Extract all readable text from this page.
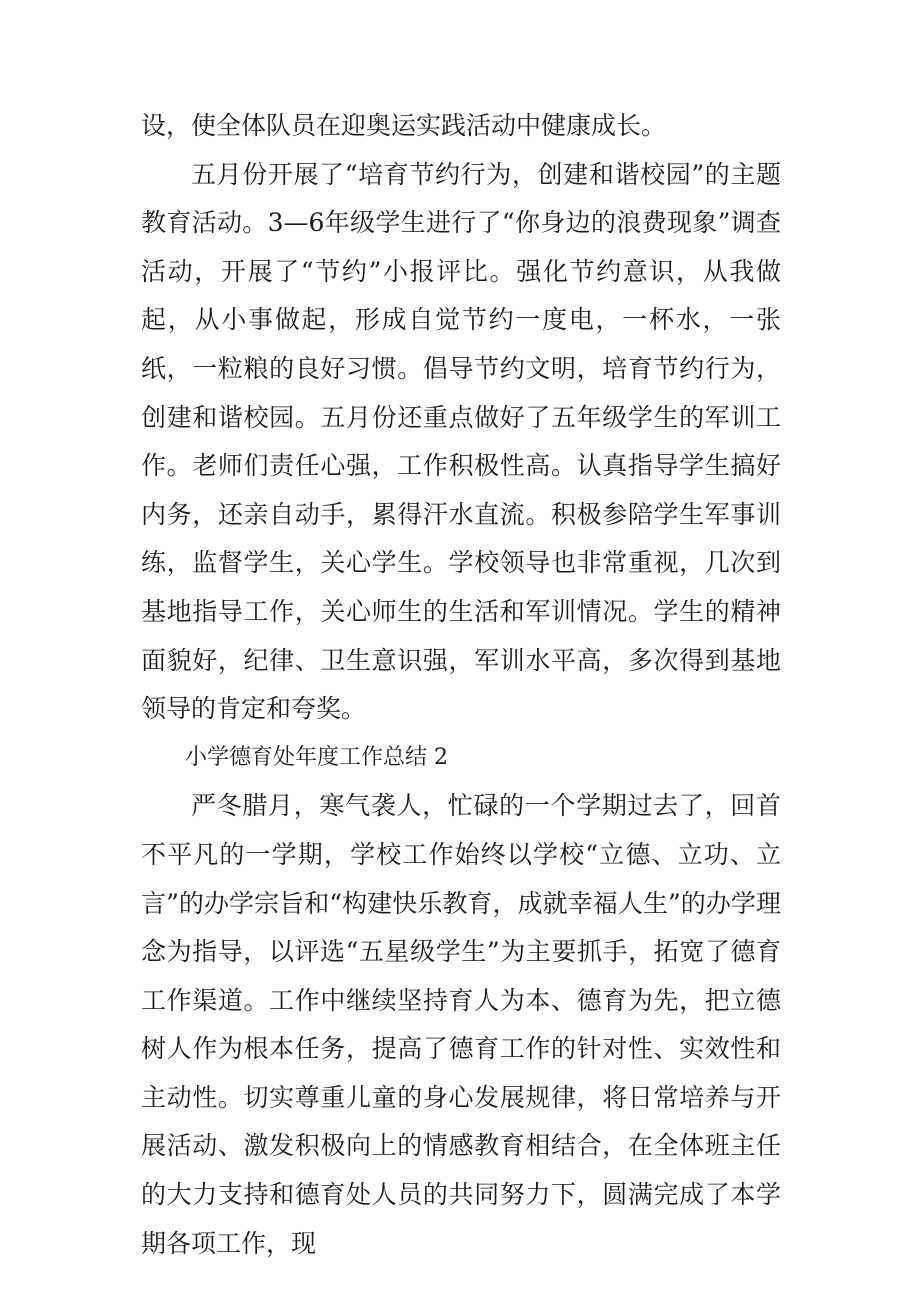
设，使全体队员在迎奥运实践活动中健康成长。

五月份开展了“培育节约行为，创建和谐校园”的主题教育活动。3—6年级学生进行了“你身边的浪费现象”调查活动，开展了“节约”小报评比。强化节约意识，从我做起，从小事做起，形成自觉节约一度电，一杯水，一张纸，一粒粮的良好习惯。倡导节约文明，培育节约行为，创建和谐校园。五月份还重点做好了五年级学生的军训工作。老师们责任心强，工作积极性高。认真指导学生搞好内务，还亲自动手，累得汗水直流。积极参陪学生军事训练，监督学生，关心学生。学校领导也非常重视，几次到基地指导工作，关心师生的生活和军训情况。学生的精神面貌好，纪律、卫生意识强，军训水平高，多次得到基地领导的肯定和夸奖。

小学德育处年度工作总结 2

严冬腊月，寒气袭人，忙碌的一个学期过去了，回首不平凡的一学期，学校工作始终以学校“立德、立功、立言”的办学宗旨和“构建快乐教育，成就幸福人生”的办学理念为指导，以评选“五星级学生”为主要抓手，拓宽了德育工作渠道。工作中继续坚持育人为本、德育为先，把立德树人作为根本任务，提高了德育工作的针对性、实效性和主动性。切实尊重儿童的身心发展规律，将日常培养与开展活动、激发积极向上的情感教育相结合，在全体班主任的大力支持和德育处人员的共同努力下，圆满完成了本学期各项工作，现
